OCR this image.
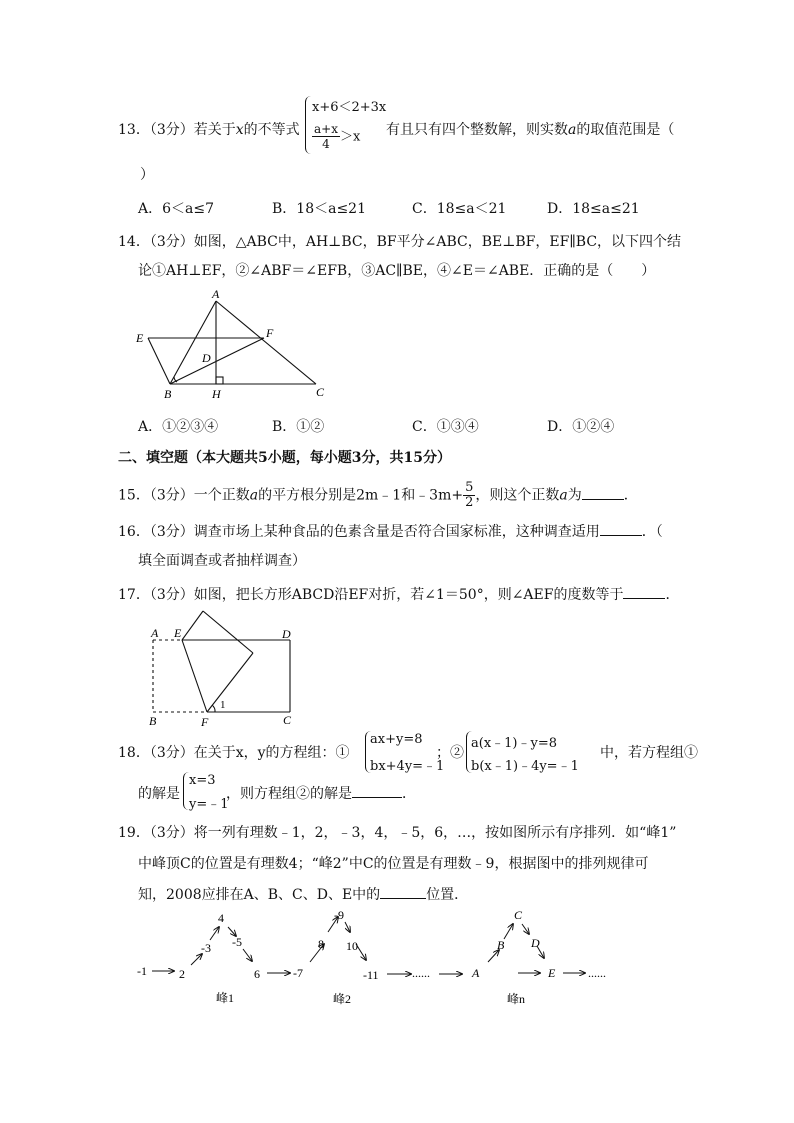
13．（3分）若关于x的不等式
x+6＜2+3x
$\frac{a+x}{4} >x$ 有且只有四个整数解，则实数a的取值范围是（
）
A．6＜a≤7	B．18＜a≤21	C．18≤a＜21	D．18≤a≤21
14．（3分）如图，△ABC中，AH⊥BC，BF平分∠ABC，BE⊥BF，EF∥BC，以下四个结
论①AH⊥EF，②∠ABF＝∠EFB，③AC∥BE，④∠E＝∠ABE．正确的是（　　）
A
E	F
D
B	H	C
A．①②③④	B．①②	C．①③④	D．①②④
二、填空题（本大题共5小题，每小题3分，共15分）
15．（3分）一个正数a的平方根分别是2m﹣1和﹣3m+ $\frac{5}{2}$ ，则这个正数a为	．
16．（3分）调查市场上某种食品的色素含量是否符合国家标准，这种调查适用	．（
填全面调查或者抽样调查）
17．（3分）如图，把长方形ABCD沿EF对折，若∠1＝50°，则∠AEF的度数等于	．
A E	D
B	F	C
1
18．（3分）在关于x，y的方程组：①
ax+y=8
bx+4y=﹣1
；②
a(x﹣1)﹣y=8
b(x﹣1)﹣4y=﹣1
中，若方程组①
的解是
x=3
y=﹣1
，则方程组②的解是	．
19．（3分）将一列有理数﹣1，2，﹣3，4，﹣5，6，…，按如图所示有序排列．如“峰1”
中峰顶C的位置是有理数4；“峰2”中C的位置是有理数﹣9，根据图中的排列规律可
知，2008应排在A、B、C、D、E中的	位置．
-1	2
-3
4
-5
6	-7
8
-9
10
-11	......	A
B
C
D
E	......
峰1	峰2	峰n
